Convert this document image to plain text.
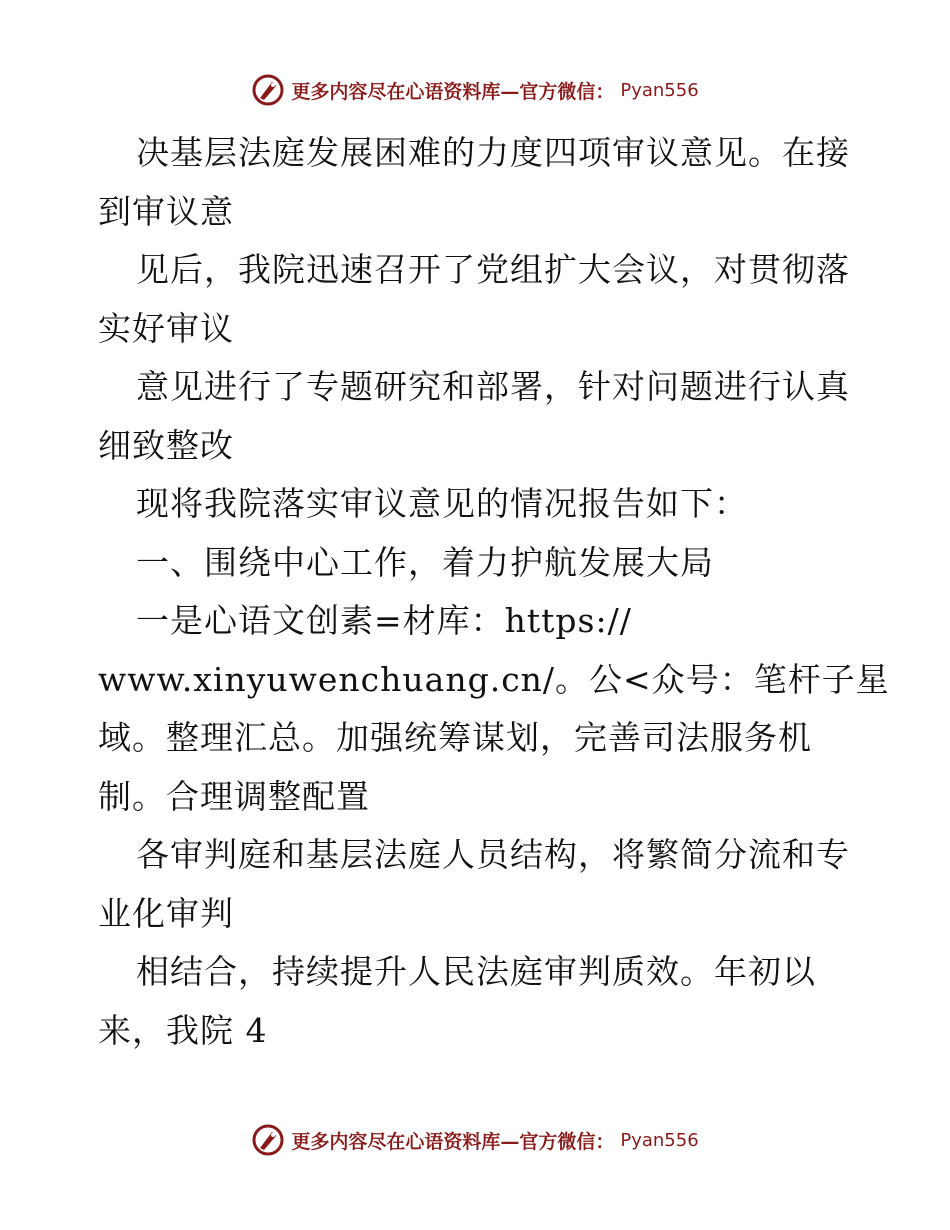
更多内容尽在心语资料库—官方微信： Pyan556
决基层法庭发展困难的力度四项审议意见。在接
到审议意
见后，我院迅速召开了党组扩大会议，对贯彻落
实好审议
意见进行了专题研究和部署，针对问题进行认真
细致整改
现将我院落实审议意见的情况报告如下：
一、围绕中心工作，着力护航发展大局
一是心语文创素=材库：https://
www.xinyuwenchuang.cn/。公<众号：笔杆子星
域。整理汇总。加强统筹谋划，完善司法服务机
制。合理调整配置
各审判庭和基层法庭人员结构，将繁简分流和专
业化审判
相结合，持续提升人民法庭审判质效。年初以
来，我院 4
更多内容尽在心语资料库—官方微信： Pyan556
